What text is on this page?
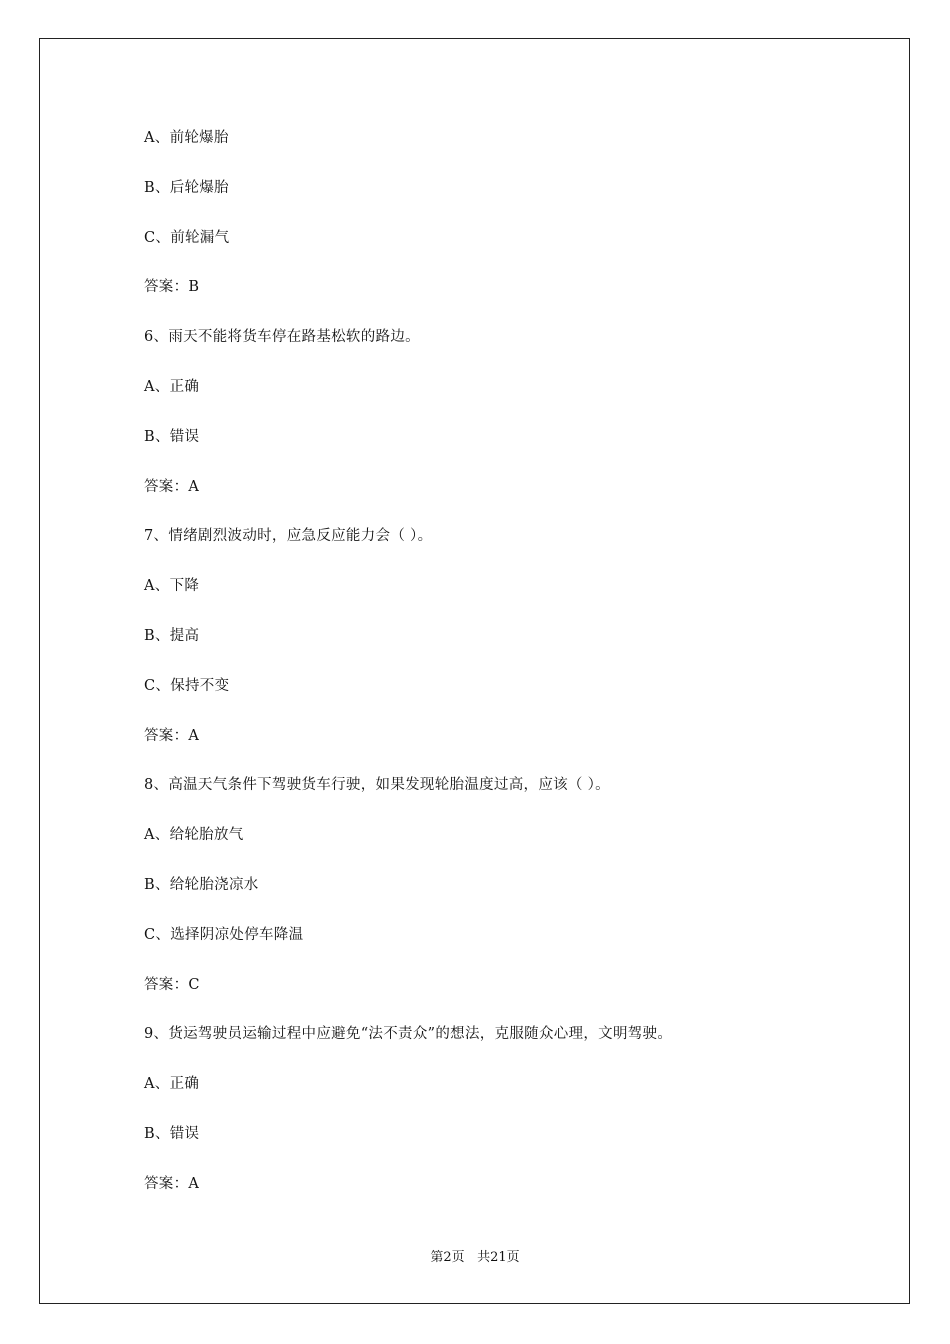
A、前轮爆胎
B、后轮爆胎
C、前轮漏气
答案：B
6、雨天不能将货车停在路基松软的路边。
A、正确
B、错误
答案：A
7、情绪剧烈波动时，应急反应能力会（ ）。
A、下降
B、提高
C、保持不变
答案：A
8、高温天气条件下驾驶货车行驶，如果发现轮胎温度过高，应该（ ）。
A、给轮胎放气
B、给轮胎浇凉水
C、选择阴凉处停车降温
答案：C
9、货运驾驶员运输过程中应避免“法不责众”的想法，克服随众心理，文明驾驶。
A、正确
B、错误
答案：A
第2页 共21页
